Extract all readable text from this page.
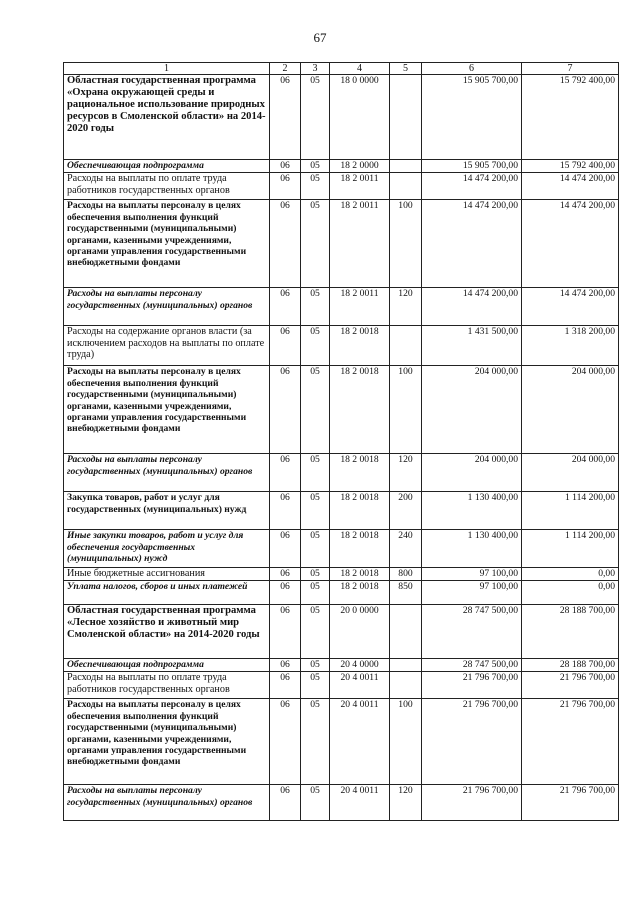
67
1	2	3	4	5	6	7
Областная государственная программа «Охрана окружающей среды и рациональное использование природных ресурсов в Смоленской области» на 2014-2020 годы	06	05	18 0 0000		15 905 700,00	15 792 400,00
Обеспечивающая подпрограмма	06	05	18 2 0000		15 905 700,00	15 792 400,00
Расходы на выплаты по оплате труда работников государственных органов	06	05	18 2 0011		14 474 200,00	14 474 200,00
Расходы на выплаты персоналу в целях обеспечения выполнения функций государственными (муниципальными) органами, казенными учреждениями, органами управления государственными внебюджетными фондами	06	05	18 2 0011	100	14 474 200,00	14 474 200,00
Расходы на выплаты персоналу государственных (муниципальных) органов	06	05	18 2 0011	120	14 474 200,00	14 474 200,00
Расходы на содержание органов власти (за исключением расходов на выплаты по оплате труда)	06	05	18 2 0018		1 431 500,00	1 318 200,00
Расходы на выплаты персоналу в целях обеспечения выполнения функций государственными (муниципальными) органами, казенными учреждениями, органами управления государственными внебюджетными фондами	06	05	18 2 0018	100	204 000,00	204 000,00
Расходы на выплаты персоналу государственных (муниципальных) органов	06	05	18 2 0018	120	204 000,00	204 000,00
Закупка товаров, работ и услуг для государственных (муниципальных) нужд	06	05	18 2 0018	200	1 130 400,00	1 114 200,00
Иные закупки товаров, работ и услуг для обеспечения государственных (муниципальных) нужд	06	05	18 2 0018	240	1 130 400,00	1 114 200,00
Иные бюджетные ассигнования	06	05	18 2 0018	800	97 100,00	0,00
Уплата налогов, сборов и иных платежей	06	05	18 2 0018	850	97 100,00	0,00
Областная государственная программа «Лесное хозяйство и животный мир Смоленской области» на 2014-2020 годы	06	05	20 0 0000		28 747 500,00	28 188 700,00
Обеспечивающая подпрограмма	06	05	20 4 0000		28 747 500,00	28 188 700,00
Расходы на выплаты по оплате труда работников государственных органов	06	05	20 4 0011		21 796 700,00	21 796 700,00
Расходы на выплаты персоналу в целях обеспечения выполнения функций государственными (муниципальными) органами, казенными учреждениями, органами управления государственными внебюджетными фондами	06	05	20 4 0011	100	21 796 700,00	21 796 700,00
Расходы на выплаты персоналу государственных (муниципальных) органов	06	05	20 4 0011	120	21 796 700,00	21 796 700,00
